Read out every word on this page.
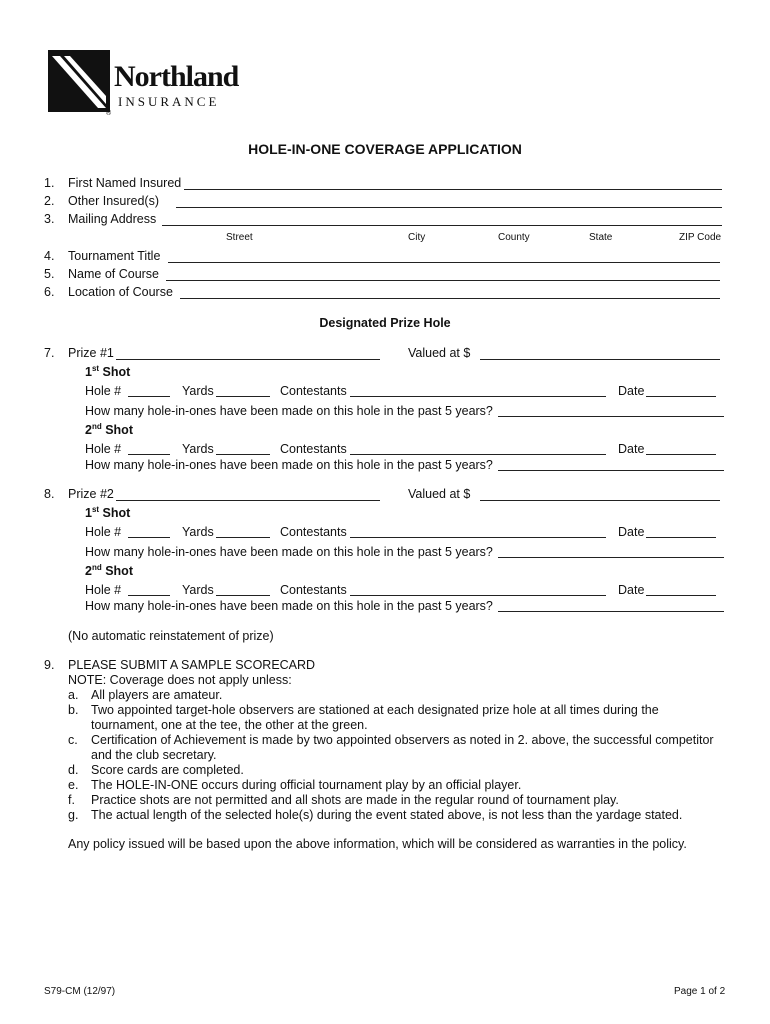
Northland
INSURANCE
®
HOLE-IN-ONE COVERAGE APPLICATION
1. First Named Insured
2. Other Insured(s)
3. Mailing Address
Street	City	County	State	ZIP Code
4. Tournament Title
5. Name of Course
6. Location of Course
Designated Prize Hole
7. Prize #1	Valued at $
1st Shot
Hole #	Yards	Contestants	Date
How many hole-in-ones have been made on this hole in the past 5 years?
2nd Shot
Hole #	Yards	Contestants	Date
How many hole-in-ones have been made on this hole in the past 5 years?
8. Prize #2	Valued at $
1st Shot
Hole #	Yards	Contestants	Date
How many hole-in-ones have been made on this hole in the past 5 years?
2nd Shot
Hole #	Yards	Contestants	Date
How many hole-in-ones have been made on this hole in the past 5 years?
(No automatic reinstatement of prize)
9. PLEASE SUBMIT A SAMPLE SCORECARD
NOTE: Coverage does not apply unless:
a. All players are amateur.
b. Two appointed target-hole observers are stationed at each designated prize hole at all times during the
tournament, one at the tee, the other at the green.
c. Certification of Achievement is made by two appointed observers as noted in 2. above, the successful competitor
and the club secretary.
d. Score cards are completed.
e. The HOLE-IN-ONE occurs during official tournament play by an official player.
f. Practice shots are not permitted and all shots are made in the regular round of tournament play.
g. The actual length of the selected hole(s) during the event stated above, is not less than the yardage stated.
Any policy issued will be based upon the above information, which will be considered as warranties in the policy.
S79-CM (12/97)	Page 1 of 2
